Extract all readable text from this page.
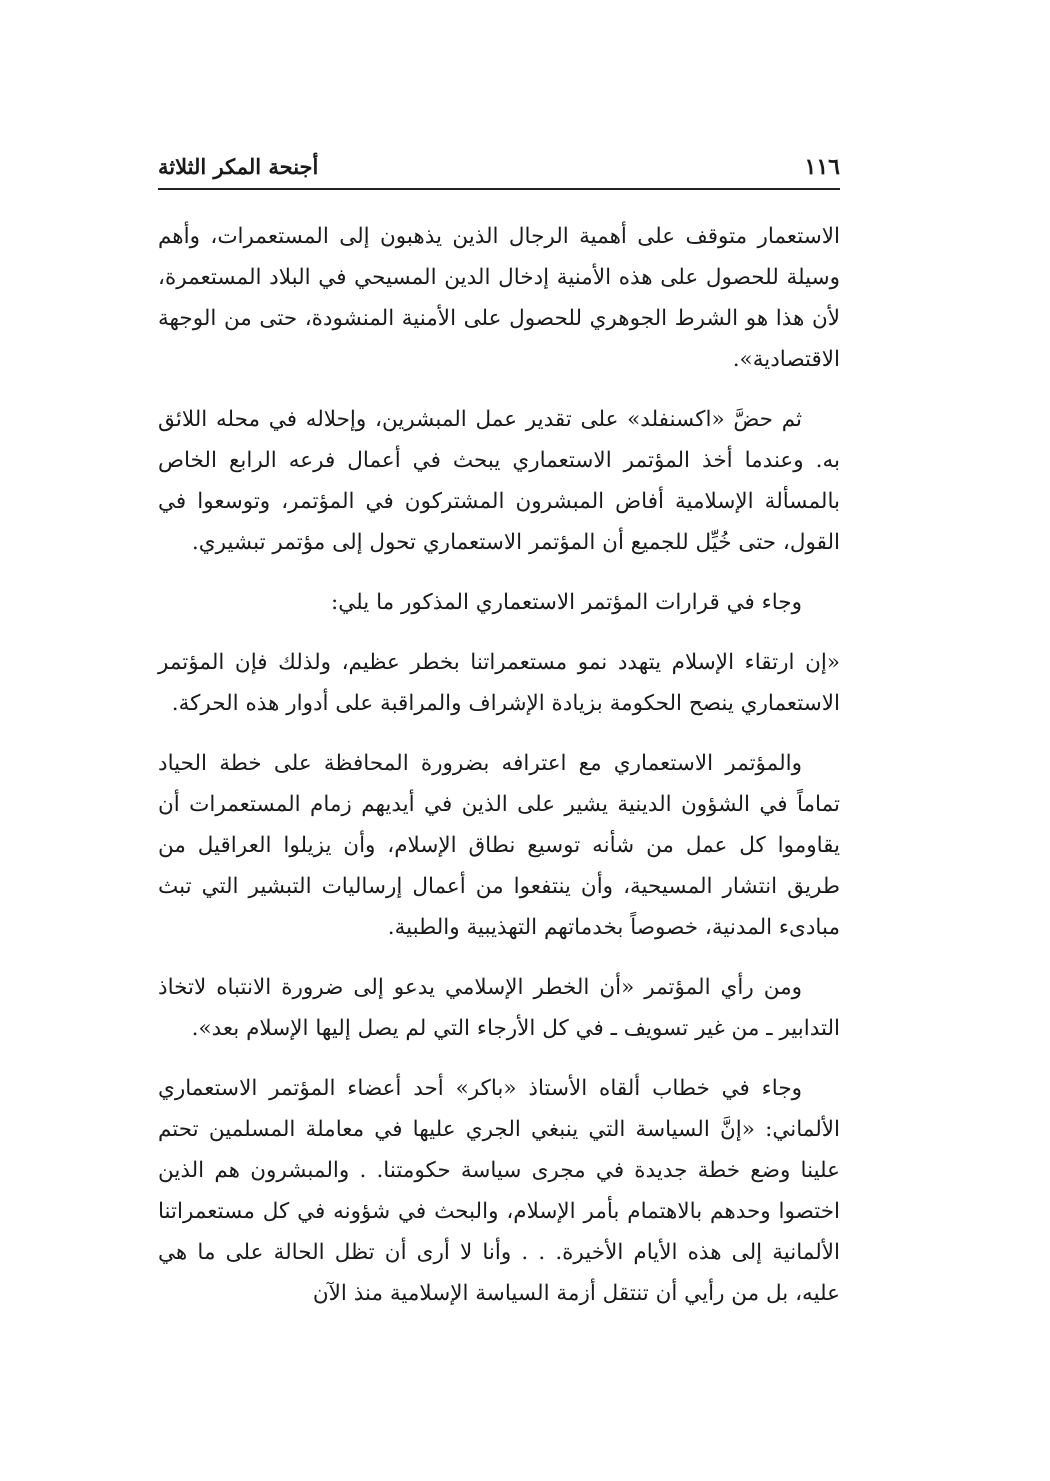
١١٦
أجنحة المكر الثلاثة

الاستعمار متوقف على أهمية الرجال الذين يذهبون إلى المستعمرات، وأهم وسيلة للحصول على هذه الأمنية إدخال الدين المسيحي في البلاد المستعمرة، لأن هذا هو الشرط الجوهري للحصول على الأمنية المنشودة، حتى من الوجهة الاقتصادية».

ثم حضَّ «اكسنفلد» على تقدير عمل المبشرين، وإحلاله في محله اللائق به. وعندما أخذ المؤتمر الاستعماري يبحث في أعمال فرعه الرابع الخاص بالمسألة الإسلامية أفاض المبشرون المشتركون في المؤتمر، وتوسعوا في القول، حتى خُيِّل للجميع أن المؤتمر الاستعماري تحول إلى مؤتمر تبشيري.

وجاء في قرارات المؤتمر الاستعماري المذكور ما يلي:

«إن ارتقاء الإسلام يتهدد نمو مستعمراتنا بخطر عظيم، ولذلك فإن المؤتمر الاستعماري ينصح الحكومة بزيادة الإشراف والمراقبة على أدوار هذه الحركة.

والمؤتمر الاستعماري مع اعترافه بضرورة المحافظة على خطة الحياد تماماً في الشؤون الدينية يشير على الذين في أيديهم زمام المستعمرات أن يقاوموا كل عمل من شأنه توسيع نطاق الإسلام، وأن يزيلوا العراقيل من طريق انتشار المسيحية، وأن ينتفعوا من أعمال إرساليات التبشير التي تبث مبادىء المدنية، خصوصاً بخدماتهم التهذيبية والطبية.

ومن رأي المؤتمر «أن الخطر الإسلامي يدعو إلى ضرورة الانتباه لاتخاذ التدابير ـ من غير تسويف ـ في كل الأرجاء التي لم يصل إليها الإسلام بعد».

وجاء في خطاب ألقاه الأستاذ «باكر» أحد أعضاء المؤتمر الاستعماري الألماني: «إنَّ السياسة التي ينبغي الجري عليها في معاملة المسلمين تحتم علينا وضع خطة جديدة في مجرى سياسة حكومتنا. . والمبشرون هم الذين اختصوا وحدهم بالاهتمام بأمر الإسلام، والبحث في شؤونه في كل مستعمراتنا الألمانية إلى هذه الأيام الأخيرة. . . وأنا لا أرى أن تظل الحالة على ما هي عليه، بل من رأيي أن تنتقل أزمة السياسة الإسلامية منذ الآن
